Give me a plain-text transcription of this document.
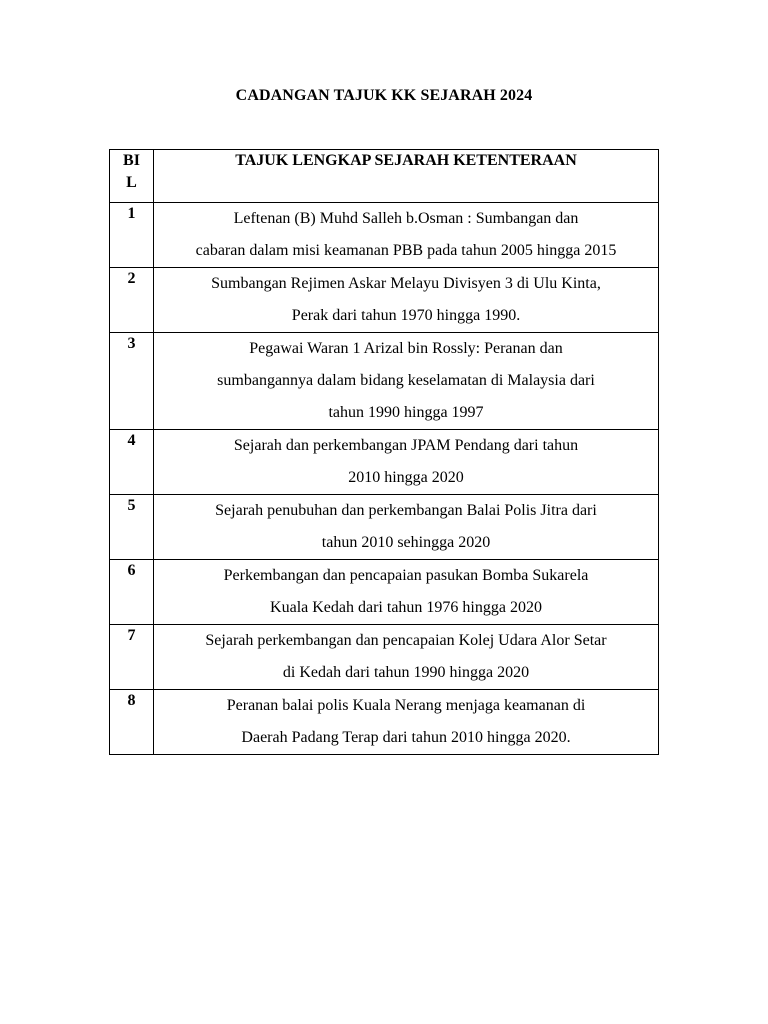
CADANGAN TAJUK KK SEJARAH 2024
BI
L	TAJUK LENGKAP SEJARAH KETENTERAAN
1	Leftenan (B) Muhd Salleh b.Osman : Sumbangan dan
cabaran dalam misi keamanan PBB pada tahun 2005 hingga 2015

2	Sumbangan Rejimen Askar Melayu Divisyen 3 di Ulu Kinta,
Perak dari tahun 1970 hingga 1990.

3	Pegawai Waran 1 Arizal bin Rossly: Peranan dan
sumbangannya dalam bidang keselamatan di Malaysia dari
tahun 1990 hingga 1997

4	Sejarah dan perkembangan JPAM Pendang dari tahun
2010 hingga 2020

5	Sejarah penubuhan dan perkembangan Balai Polis Jitra dari
tahun 2010 sehingga 2020

6	Perkembangan dan pencapaian pasukan Bomba Sukarela
Kuala Kedah dari tahun 1976 hingga 2020

7	Sejarah perkembangan dan pencapaian Kolej Udara Alor Setar
di Kedah dari tahun 1990 hingga 2020

8	Peranan balai polis Kuala Nerang menjaga keamanan di
Daerah Padang Terap dari tahun 2010 hingga 2020.
